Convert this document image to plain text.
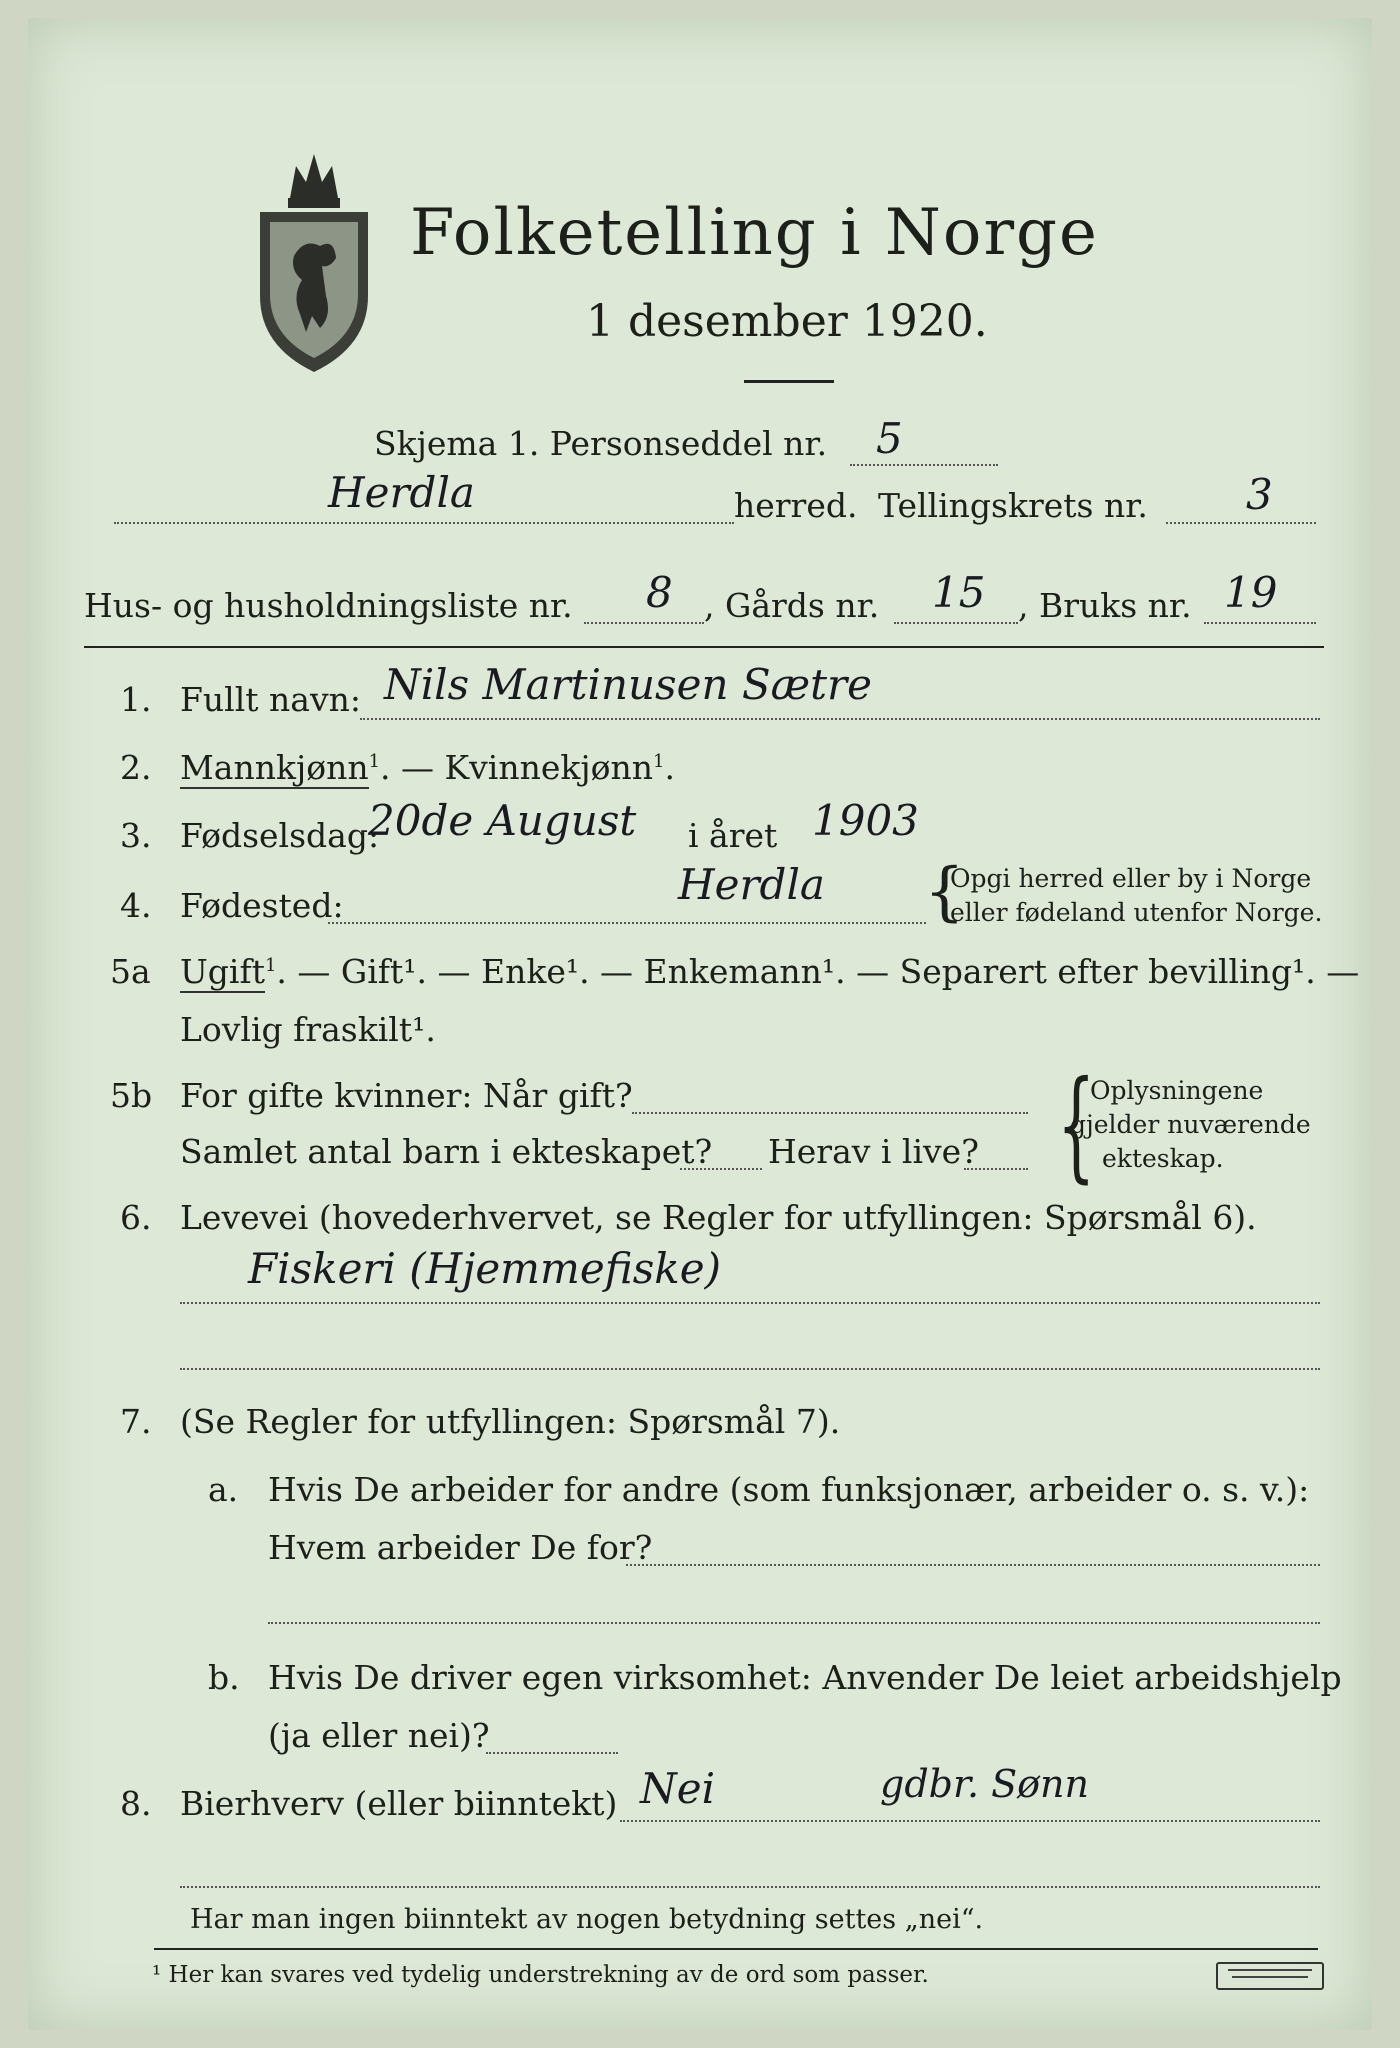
Folketelling i Norge
1 desember 1920.
Skjema 1. Personseddel nr. 5
Herdla	herred. Tellingskrets nr. 3
Hus- og husholdningsliste nr. 8 , Gårds nr. 15 , Bruks nr. 19
1. Fullt navn: Nils Martinusen Sætre
2. Mannkjønn$^1$. — Kvinnekjønn$^1$.
3. Fødselsdag:
20de August i året 1903
4. Fødested:	Herdla {
Opgi herred eller by i Norge
eller fødeland utenfor Norge.
5a Ugift$^1$. — Gift¹. — Enke¹. — Enkemann¹. — Separert efter bevilling¹. —
Lovlig fraskilt¹.
5b For gifte kvinner: Når gift?
Samlet antal barn i ekteskapet? Herav i live? {
Oplysningene
gjelder nuværende
ekteskap.
6. Levevei (hovederhvervet, se Regler for utfyllingen: Spørsmål 6).
Fiskeri (Hjemmefiske)
7. (Se Regler for utfyllingen: Spørsmål 7).
a. Hvis De arbeider for andre (som funksjonær, arbeider o. s. v.):
Hvem arbeider De for?
b. Hvis De driver egen virksomhet: Anvender De leiet arbeidshjelp
(ja eller nei)?
8. Bierhverv (eller biinntekt) Nei	gdbr. Sønn
Har man ingen biinntekt av nogen betydning settes „nei“.
¹ Her kan svares ved tydelig understrekning av de ord som passer.
